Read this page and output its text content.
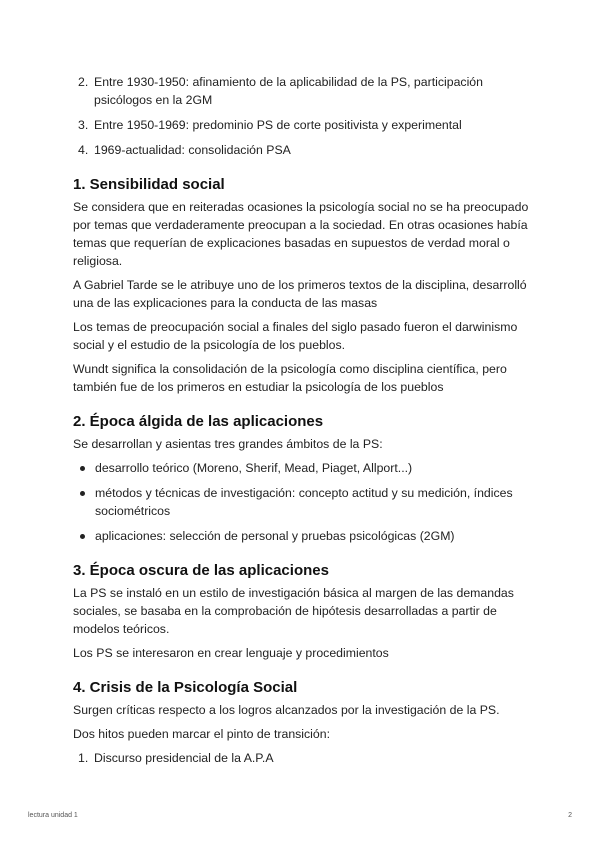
2. Entre 1930-1950: afinamiento de la aplicabilidad de la PS, participación psicólogos en la 2GM
3. Entre 1950-1969: predominio PS de corte positivista y experimental
4. 1969-actualidad: consolidación PSA
1. Sensibilidad social

Se considera que en reiteradas ocasiones la psicología social no se ha preocupado por temas que verdaderamente preocupan a la sociedad. En otras ocasiones había temas que requerían de explicaciones basadas en supuestos de verdad moral o religiosa.

A Gabriel Tarde se le atribuye uno de los primeros textos de la disciplina, desarrolló una de las explicaciones para la conducta de las masas

Los temas de preocupación social a finales del siglo pasado fueron el darwinismo social y el estudio de la psicología de los pueblos.

Wundt significa la consolidación de la psicología como disciplina científica, pero también fue de los primeros en estudiar la psicología de los pueblos

2. Época álgida de las aplicaciones

Se desarrollan y asientas tres grandes ámbitos de la PS:

desarrollo teórico (Moreno, Sherif, Mead, Piaget, Allport...)
métodos y técnicas de investigación: concepto actitud y su medición, índices sociométricos
aplicaciones: selección de personal y pruebas psicológicas (2GM)
3. Época oscura de las aplicaciones

La PS se instaló en un estilo de investigación básica al margen de las demandas sociales, se basaba en la comprobación de hipótesis desarrolladas a partir de modelos teóricos.

Los PS se interesaron en crear lenguaje y procedimientos

4. Crisis de la Psicología Social

Surgen críticas respecto a los logros alcanzados por la investigación de la PS.

Dos hitos pueden marcar el pinto de transición:

1. Discurso presidencial de la A.P.A
lectura unidad 1	2
